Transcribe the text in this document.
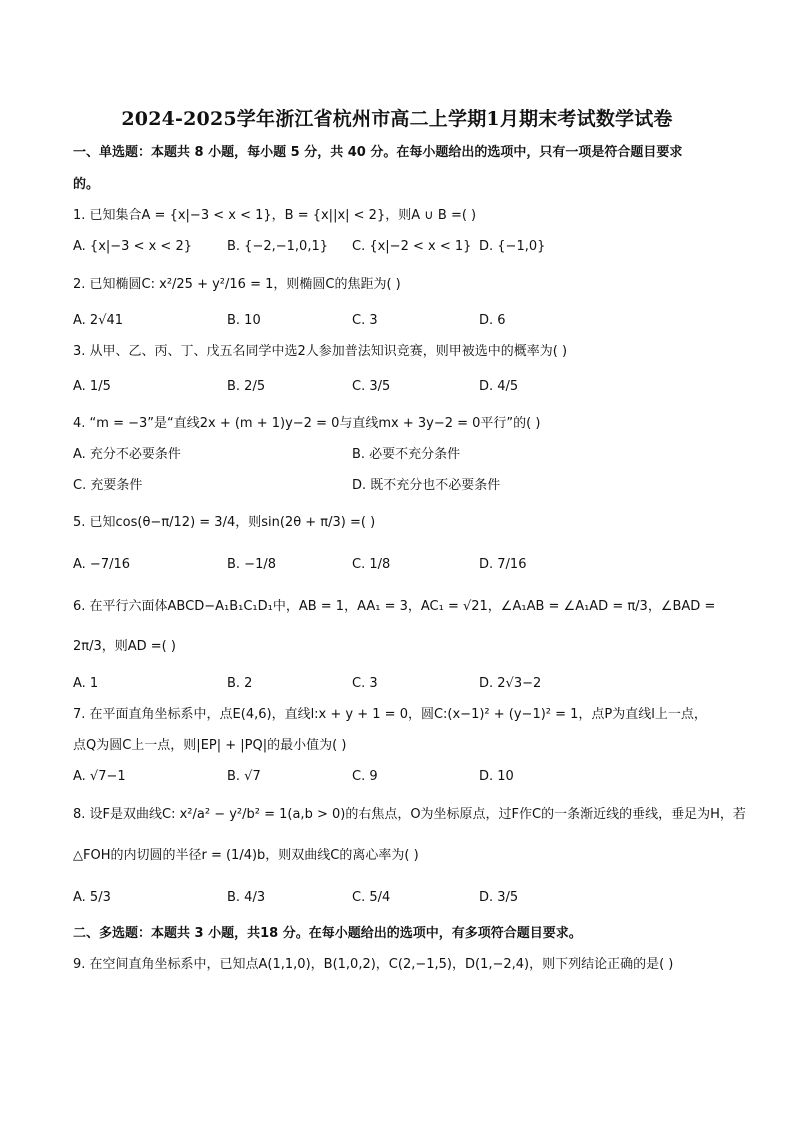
2024-2025学年浙江省杭州市高二上学期1月期末考试数学试卷
一、单选题：本题共 8 小题，每小题 5 分，共 40 分。在每小题给出的选项中，只有一项是符合题目要求
的。
1. 已知集合A = {x|−3 < x < 1}，B = {x||x| < 2}，则A ∪ B =( )
A. {x|−3 < x < 2}	B. {−2,−1,0,1} C. {x|−2 < x < 1} D. {−1,0}
2. 已知椭圆C: x²/25 + y²/16 = 1，则椭圆C的焦距为( )
A. 2√41	B. 10	C. 3	D. 6
3. 从甲、乙、丙、丁、戊五名同学中选2人参加普法知识竞赛，则甲被选中的概率为( )
A. 1/5	B. 2/5	C. 3/5	D. 4/5
4. “m = −3”是“直线2x + (m + 1)y−2 = 0与直线mx + 3y−2 = 0平行”的( )
A. 充分不必要条件	B. 必要不充分条件
C. 充要条件	D. 既不充分也不必要条件
5. 已知cos(θ−π/12) = 3/4，则sin(2θ + π/3) =( )
A. −7/16	B. −1/8	C. 1/8	D. 7/16
6. 在平行六面体ABCD−A₁B₁C₁D₁中，AB = 1，AA₁ = 3，AC₁ = √21，∠A₁AB = ∠A₁AD = π/3，∠BAD =
2π/3，则AD =( )
A. 1	B. 2	C. 3	D. 2√3−2
7. 在平面直角坐标系中，点E(4,6)，直线l:x + y + 1 = 0，圆C:(x−1)² + (y−1)² = 1，点P为直线l上一点，
点Q为圆C上一点，则|EP| + |PQ|的最小值为( )
A. √7−1	B. √7	C. 9	D. 10
8. 设F是双曲线C: x²/a² − y²/b² = 1(a,b > 0)的右焦点，O为坐标原点，过F作C的一条渐近线的垂线，垂足为H，若
△FOH的内切圆的半径r = (1/4)b，则双曲线C的离心率为( )
A. 5/3	B. 4/3	C. 5/4	D. 3/5
二、多选题：本题共 3 小题，共18 分。在每小题给出的选项中，有多项符合题目要求。
9. 在空间直角坐标系中，已知点A(1,1,0)，B(1,0,2)，C(2,−1,5)，D(1,−2,4)，则下列结论正确的是( )
